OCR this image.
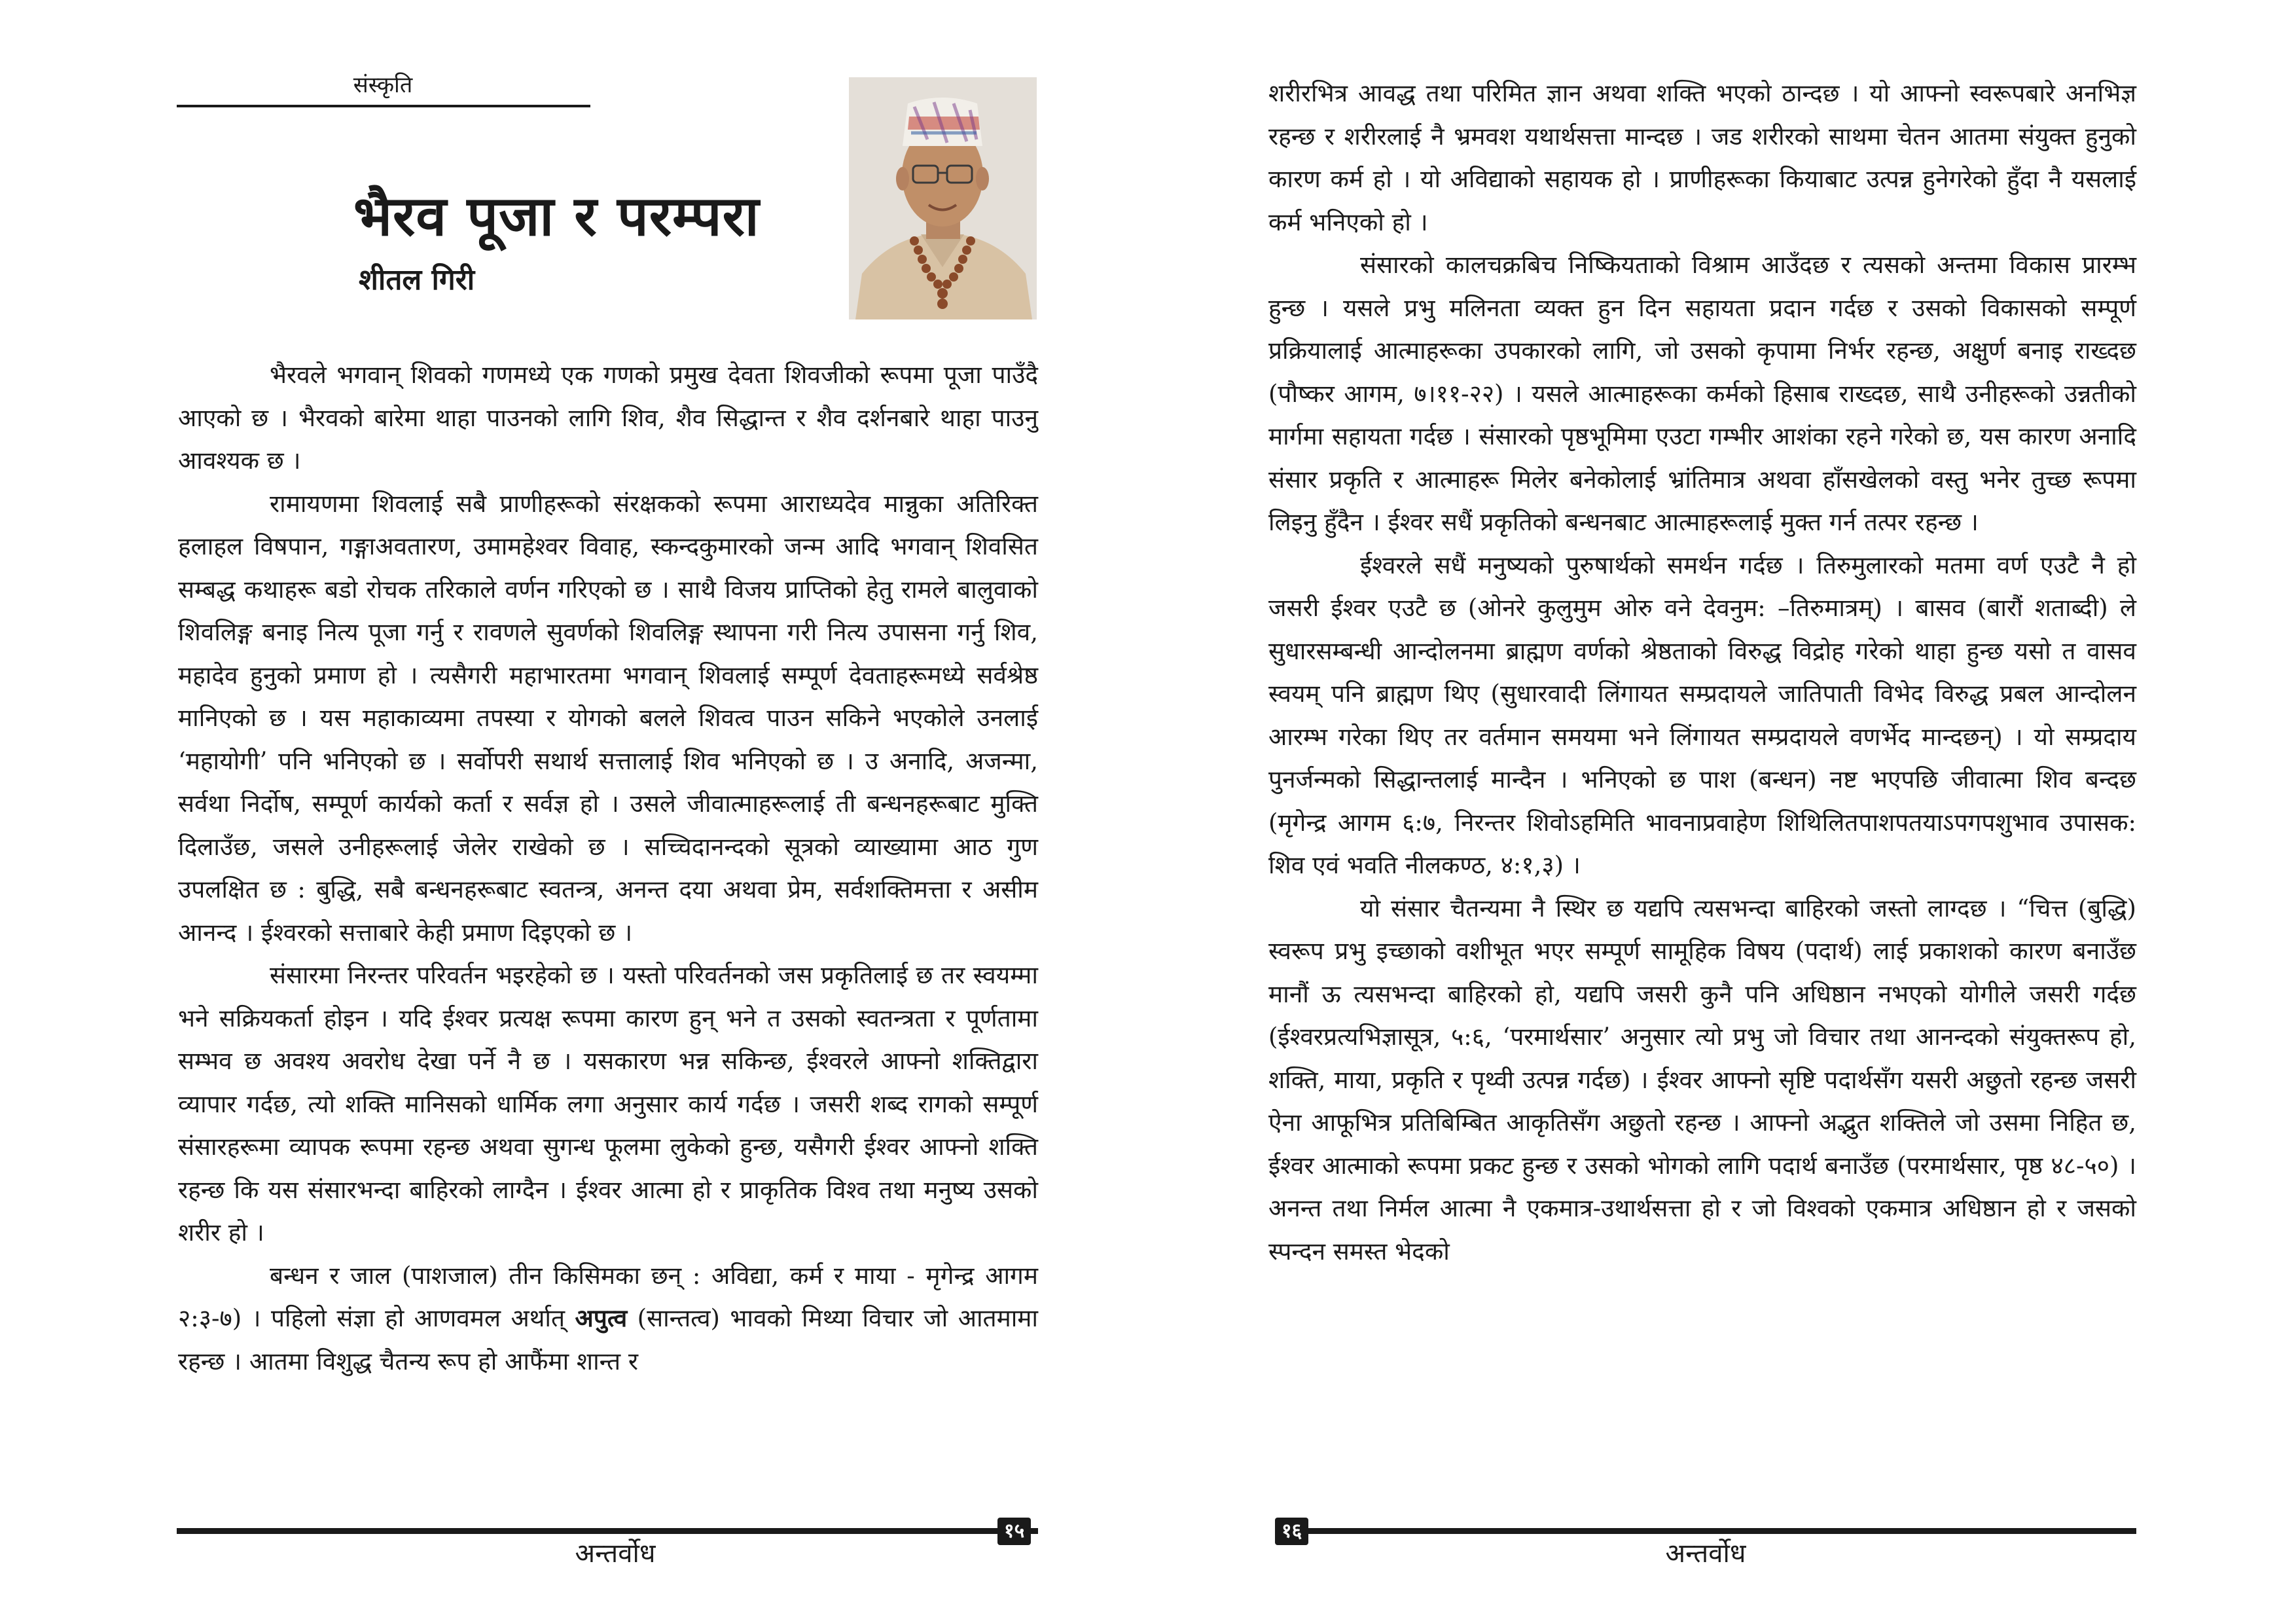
संस्कृति
भैरव पूजा र परम्परा
शीतल गिरी

भैरवले भगवान् शिवको गणमध्ये एक गणको प्रमुख देवता शिवजीको रूपमा पूजा पाउँदै आएको छ । भैरवको बारेमा थाहा पाउनको लागि शिव, शैव सिद्धान्त र शैव दर्शनबारे थाहा पाउनु आवश्यक छ ।

रामायणमा शिवलाई सबै प्राणीहरूको संरक्षकको रूपमा आराध्यदेव मान्नुका अतिरिक्त हलाहल विषपान, गङ्गाअवतारण, उमामहेश्वर विवाह, स्कन्दकुमारको जन्म आदि भगवान् शिवसित सम्बद्ध कथाहरू बडो रोचक तरिकाले वर्णन गरिएको छ । साथै विजय प्राप्तिको हेतु रामले बालुवाको शिवलिङ्ग बनाइ नित्य पूजा गर्नु र रावणले सुवर्णको शिवलिङ्ग स्थापना गरी नित्य उपासना गर्नु शिव, महादेव हुनुको प्रमाण हो । त्यसैगरी महाभारतमा भगवान् शिवलाई सम्पूर्ण देवताहरूमध्ये सर्वश्रेष्ठ मानिएको छ । यस महाकाव्यमा तपस्या र योगको बलले शिवत्व पाउन सकिने भएकोले उनलाई ‘महायोगी’ पनि भनिएको छ । सर्वोपरी सथार्थ सत्तालाई शिव भनिएको छ । उ अनादि, अजन्मा, सर्वथा निर्दोष, सम्पूर्ण कार्यको कर्ता र सर्वज्ञ हो । उसले जीवात्माहरूलाई ती बन्धनहरूबाट मुक्ति दिलाउँछ, जसले उनीहरूलाई जेलेर राखेको छ । सच्चिदानन्दको सूत्रको व्याख्यामा आठ गुण उपलक्षित छ : बुद्धि, सबै बन्धनहरूबाट स्वतन्त्र, अनन्त दया अथवा प्रेम, सर्वशक्तिमत्ता र असीम आनन्द । ईश्वरको सत्ताबारे केही प्रमाण दिइएको छ ।

संसारमा निरन्तर परिवर्तन भइरहेको छ । यस्तो परिवर्तनको जस प्रकृतिलाई छ तर स्वयम्मा भने सक्रियकर्ता होइन । यदि ईश्वर प्रत्यक्ष रूपमा कारण हुन् भने त उसको स्वतन्त्रता र पूर्णतामा सम्भव छ अवश्य अवरोध देखा पर्ने नै छ । यसकारण भन्न सकिन्छ, ईश्वरले आफ्नो शक्तिद्वारा व्यापार गर्दछ, त्यो शक्ति मानिसको धार्मिक लगा अनुसार कार्य गर्दछ । जसरी शब्द रागको सम्पूर्ण संसारहरूमा व्यापक रूपमा रहन्छ अथवा सुगन्ध फूलमा लुकेको हुन्छ, यसैगरी ईश्वर आफ्नो शक्ति रहन्छ कि यस संसारभन्दा बाहिरको लाग्दैन । ईश्वर आत्मा हो र प्राकृतिक विश्व तथा मनुष्य उसको शरीर हो ।

बन्धन र जाल (पाशजाल) तीन किसिमका छन् : अविद्या, कर्म र माया - मृगेन्द्र आगम २:३-७) । पहिलो संज्ञा हो आणवमल अर्थात् अपुत्व (सान्तत्व) भावको मिथ्या विचार जो आतमामा रहन्छ । आतमा विशुद्ध चैतन्य रूप हो आफैंमा शान्त र

१५
अन्तर्वोध

शरीरभित्र आवद्ध तथा परिमित ज्ञान अथवा शक्ति भएको ठान्दछ । यो आफ्नो स्वरूपबारे अनभिज्ञ रहन्छ र शरीरलाई नै भ्रमवश यथार्थसत्ता मान्दछ । जड शरीरको साथमा चेतन आतमा संयुक्त हुनुको कारण कर्म हो । यो अविद्याको सहायक हो । प्राणीहरूका कियाबाट उत्पन्न हुनेगरेको हुँदा नै यसलाई कर्म भनिएको हो ।

संसारको कालचक्रबिच निष्कियताको विश्राम आउँदछ र त्यसको अन्तमा विकास प्रारम्भ हुन्छ । यसले प्रभु मलिनता व्यक्त हुन दिन सहायता प्रदान गर्दछ र उसको विकासको सम्पूर्ण प्रक्रियालाई आत्माहरूका उपकारको लागि, जो उसको कृपामा निर्भर रहन्छ, अक्षुर्ण बनाइ राख्दछ (पौष्कर आगम, ७।११-२२) । यसले आत्माहरूका कर्मको हिसाब राख्दछ, साथै उनीहरूको उन्नतीको मार्गमा सहायता गर्दछ । संसारको पृष्ठभूमिमा एउटा गम्भीर आशंका रहने गरेको छ, यस कारण अनादि संसार प्रकृति र आत्माहरू मिलेर बनेकोलाई भ्रांतिमात्र अथवा हाँसखेलको वस्तु भनेर तुच्छ रूपमा लिइनु हुँदैन । ईश्वर सधैं प्रकृतिको बन्धनबाट आत्माहरूलाई मुक्त गर्न तत्पर रहन्छ ।

ईश्वरले सधैं मनुष्यको पुरुषार्थको समर्थन गर्दछ । तिरुमुलारको मतमा वर्ण एउटै नै हो जसरी ईश्वर एउटै छ (ओनरे कुलुमुम ओरु वने देवनुम: –तिरुमात्रम्) । बासव (बारौं शताब्दी) ले सुधारसम्बन्धी आन्दोलनमा ब्राह्मण वर्णको श्रेष्ठताको विरुद्ध विद्रोह गरेको थाहा हुन्छ यसो त वासव स्वयम् पनि ब्राह्मण थिए (सुधारवादी लिंगायत सम्प्रदायले जातिपाती विभेद विरुद्ध प्रबल आन्दोलन आरम्भ गरेका थिए तर वर्तमान समयमा भने लिंगायत सम्प्रदायले वणर्भेद मान्दछन्) । यो सम्प्रदाय पुनर्जन्मको सिद्धान्तलाई मान्दैन । भनिएको छ पाश (बन्धन) नष्ट भएपछि जीवात्मा शिव बन्दछ (मृगेन्द्र आगम ६:७, निरन्तर शिवोऽहमिति भावनाप्रवाहेण शिथिलितपाशपतयाऽपगपशुभाव उपासक: शिव एवं भवति नीलकण्ठ, ४:१,३) ।

यो संसार चैतन्यमा नै स्थिर छ यद्यपि त्यसभन्दा बाहिरको जस्तो लाग्दछ । “चित्त (बुद्धि) स्वरूप प्रभु इच्छाको वशीभूत भएर सम्पूर्ण सामूहिक विषय (पदार्थ) लाई प्रकाशको कारण बनाउँछ मानौं ऊ त्यसभन्दा बाहिरको हो, यद्यपि जसरी कुनै पनि अधिष्ठान नभएको योगीले जसरी गर्दछ (ईश्वरप्रत्यभिज्ञासूत्र, ५:६, ‘परमार्थसार’ अनुसार त्यो प्रभु जो विचार तथा आनन्दको संयुक्तरूप हो, शक्ति, माया, प्रकृति र पृथ्वी उत्पन्न गर्दछ) । ईश्वर आफ्नो सृष्टि पदार्थसँग यसरी अछुतो रहन्छ जसरी ऐना आफूभित्र प्रतिबिम्बित आकृतिसँग अछुतो रहन्छ । आफ्नो अद्भुत शक्तिले जो उसमा निहित छ, ईश्वर आत्माको रूपमा प्रकट हुन्छ र उसको भोगको लागि पदार्थ बनाउँछ (परमार्थसार, पृष्ठ ४८-५०) । अनन्त तथा निर्मल आत्मा नै एकमात्र-उथार्थसत्ता हो र जो विश्वको एकमात्र अधिष्ठान हो र जसको स्पन्दन समस्त भेदको

१६
अन्तर्वोध
